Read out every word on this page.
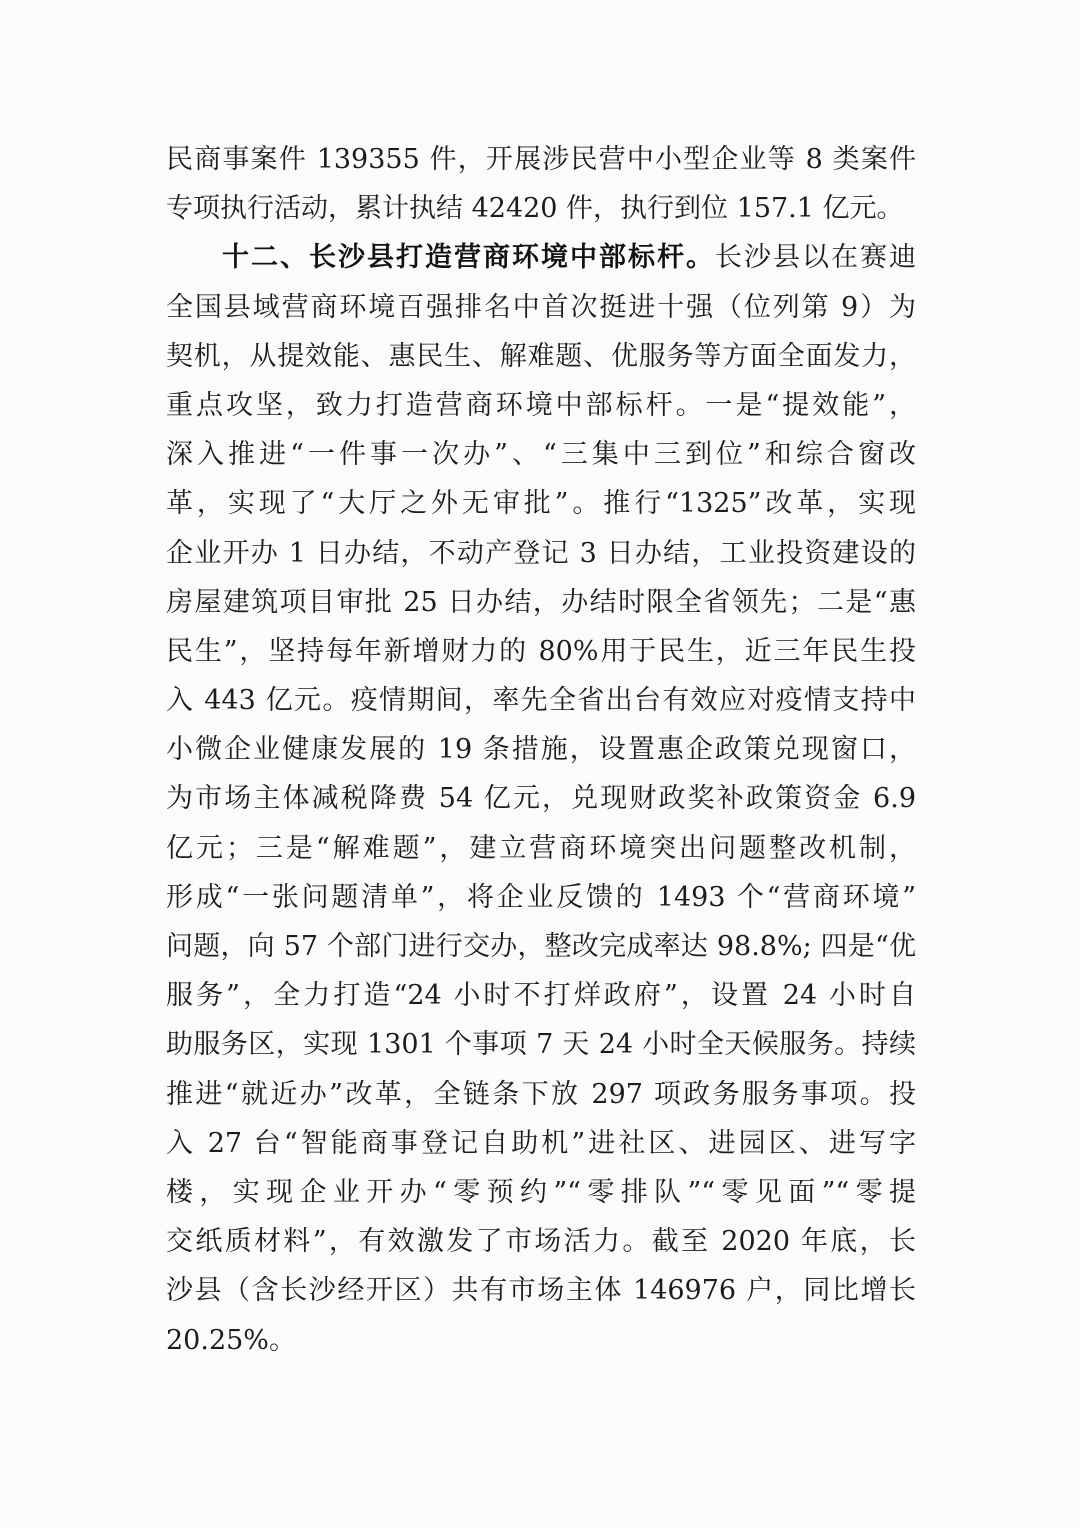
民商事案件 139355 件，开展涉民营中小型企业等 8 类案件
专项执行活动，累计执结 42420 件，执行到位 157.1 亿元。
十二、长沙县打造营商环境中部标杆。长沙县以在赛迪
全国县域营商环境百强排名中首次挺进十强（位列第 9）为
契机，从提效能、惠民生、解难题、优服务等方面全面发力，
重点攻坚，致力打造营商环境中部标杆。一是“提效能”，
深入推进“一件事一次办”、“三集中三到位”和综合窗改
革，实现了“大厅之外无审批”。推行“1325”改革，实现
企业开办 1 日办结，不动产登记 3 日办结，工业投资建设的
房屋建筑项目审批 25 日办结，办结时限全省领先；二是“惠
民生”，坚持每年新增财力的 80%用于民生，近三年民生投
入 443 亿元。疫情期间，率先全省出台有效应对疫情支持中
小微企业健康发展的 19 条措施，设置惠企政策兑现窗口，
为市场主体减税降费 54 亿元，兑现财政奖补政策资金 6.9
亿元；三是“解难题”，建立营商环境突出问题整改机制，
形成“一张问题清单”，将企业反馈的 1493 个“营商环境”
问题，向 57 个部门进行交办，整改完成率达 98.8%; 四是“优
服务”，全力打造“24 小时不打烊政府”，设置 24 小时自
助服务区，实现 1301 个事项 7 天 24 小时全天候服务。持续
推进“就近办”改革，全链条下放 297 项政务服务事项。投
入 27 台“智能商事登记自助机”进社区、进园区、进写字
楼，实现企业开办“零预约”“零排队”“零见面”“零提
交纸质材料”，有效激发了市场活力。截至 2020 年底，长
沙县（含长沙经开区）共有市场主体 146976 户，同比增长
20.25%。
